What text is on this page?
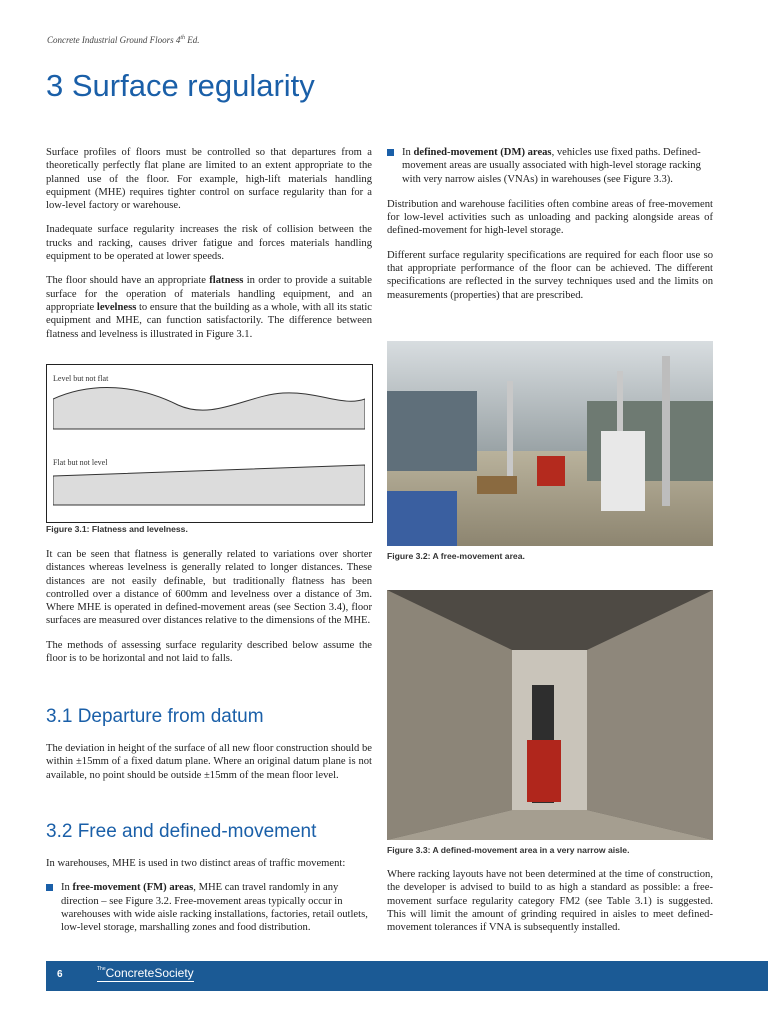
Concrete Industrial Ground Floors 4th Ed.
3 Surface regularity

Surface profiles of floors must be controlled so that departures from a theoretically perfectly flat plane are limited to an extent appropriate to the planned use of the floor. For example, high-lift materials handling equipment (MHE) requires tighter control on surface regularity than for a low-level factory or warehouse.

Inadequate surface regularity increases the risk of collision between the trucks and racking, causes driver fatigue and forces materials handling equipment to be operated at lower speeds.

The floor should have an appropriate flatness in order to provide a suitable surface for the operation of materials handling equipment, and an appropriate levelness to ensure that the building as a whole, with all its static equipment and MHE, can function satisfactorily. The difference between flatness and levelness is illustrated in Figure 3.1.

Level but not flat
Flat but not level
Figure 3.1: Flatness and levelness.

It can be seen that flatness is generally related to variations over shorter distances whereas levelness is generally related to longer distances. These distances are not easily definable, but traditionally flatness has been controlled over a distance of 600mm and levelness over a distance of 3m. Where MHE is operated in defined-movement areas (see Section 3.4), floor surfaces are measured over distances relative to the dimensions of the MHE.

The methods of assessing surface regularity described below assume the floor is to be horizontal and not laid to falls.

3.1 Departure from datum

The deviation in height of the surface of all new floor construction should be within ±15mm of a fixed datum plane. Where an original datum plane is not available, no point should be outside ±15mm of the mean floor level.

3.2 Free and defined-movement

In warehouses, MHE is used in two distinct areas of traffic movement:

In free-movement (FM) areas, MHE can travel randomly in any direction – see Figure 3.2. Free-movement areas typically occur in warehouses with wide aisle racking installations, factories, retail outlets, low-level storage, marshalling zones and food distribution.
In defined-movement (DM) areas, vehicles use fixed paths. Defined-movement areas are usually associated with high-level storage racking with very narrow aisles (VNAs) in warehouses (see Figure 3.3).

Distribution and warehouse facilities often combine areas of free-movement for low-level activities such as unloading and packing alongside areas of defined-movement for high-level storage.

Different surface regularity specifications are required for each floor use so that appropriate performance of the floor can be achieved. The different specifications are reflected in the survey techniques used and the limits on measurements (properties) that are prescribed.

Figure 3.2: A free-movement area.
Figure 3.3: A defined-movement area in a very narrow aisle.

Where racking layouts have not been determined at the time of construction, the developer is advised to build to as high a standard as possible: a free- movement surface regularity category FM2 (see Table 3.1) is suggested. This will limit the amount of grinding required in aisles to meet defined-movement tolerances if VNA is subsequently installed.

6	$^{The}$ConcreteSociety
